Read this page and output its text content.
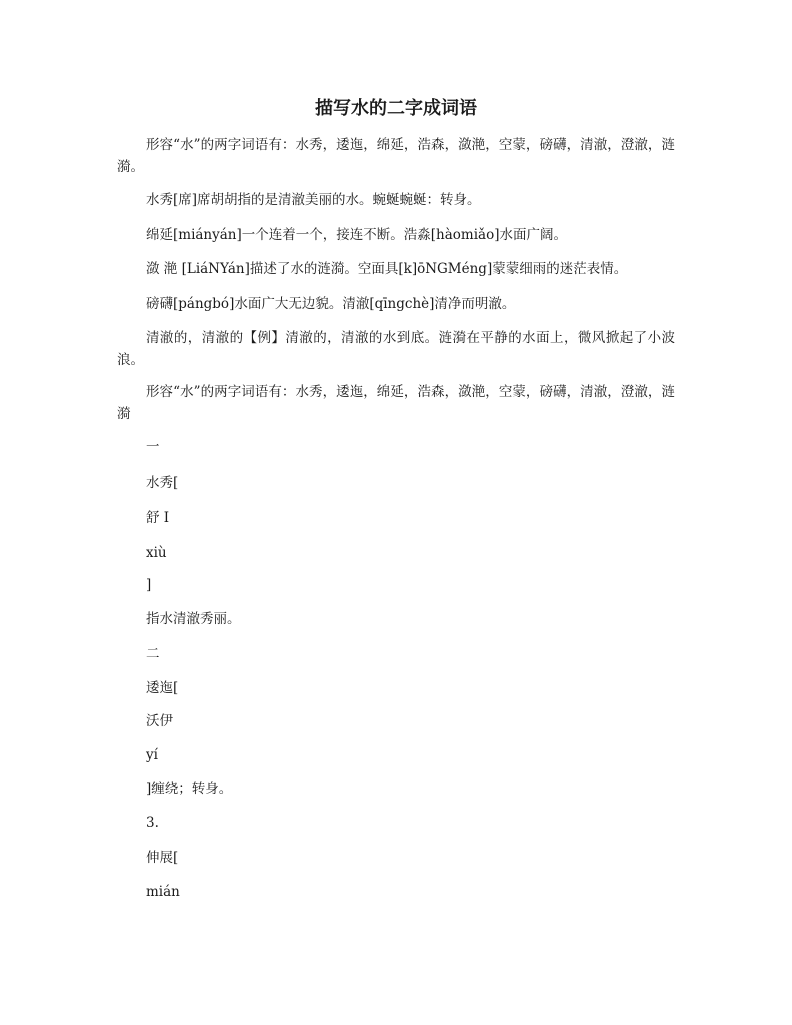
描写水的二字成词语
形容“水”的两字词语有：水秀，逶迤，绵延，浩森，潋滟，空蒙，磅礴，清澈，澄澈，涟漪。
水秀[席]席胡胡指的是清澈美丽的水。蜿蜒蜿蜒：转身。
绵延[miányán]一个连着一个，接连不断。浩淼[hàomiǎo]水面广阔。
潋 滟 [LiáNYán]描述了水的涟漪。空面具[k]ōNGMéng]蒙蒙细雨的迷茫表情。
磅礴[pángbó]水面广大无边貌。清澈[qīngchè]清净而明澈。
清澈的，清澈的【例】清澈的，清澈的水到底。涟漪在平静的水面上，微风掀起了小波浪。
形容“水”的两字词语有：水秀，逶迤，绵延，浩森，潋滟，空蒙，磅礴，清澈，澄澈，涟漪
一
水秀[
舒 I
xiù
]
指水清澈秀丽。
二
逶迤[
沃伊
yí
]缠绕；转身。
3.
伸展[
mián
